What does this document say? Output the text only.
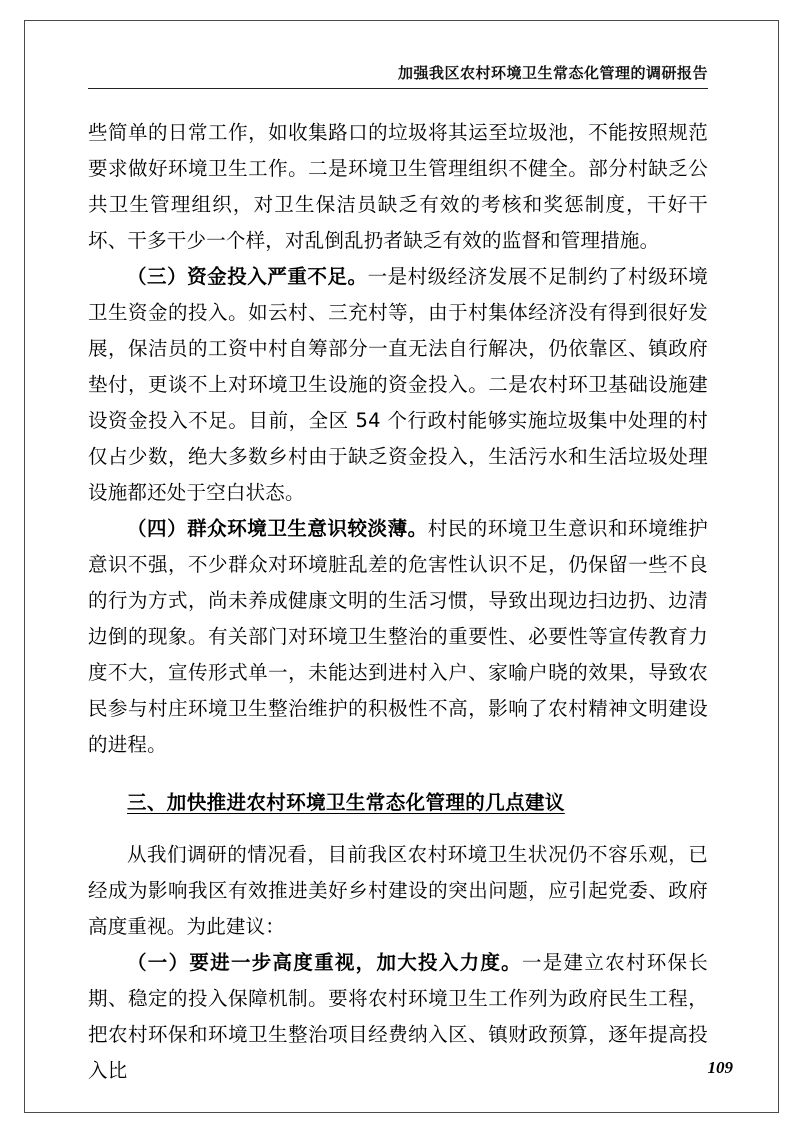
加强我区农村环境卫生常态化管理的调研报告

些简单的日常工作，如收集路口的垃圾将其运至垃圾池，不能按照规范要求做好环境卫生工作。二是环境卫生管理组织不健全。部分村缺乏公共卫生管理组织，对卫生保洁员缺乏有效的考核和奖惩制度，干好干坏、干多干少一个样，对乱倒乱扔者缺乏有效的监督和管理措施。

（三）资金投入严重不足。一是村级经济发展不足制约了村级环境卫生资金的投入。如云村、三充村等，由于村集体经济没有得到很好发展，保洁员的工资中村自筹部分一直无法自行解决，仍依靠区、镇政府垫付，更谈不上对环境卫生设施的资金投入。二是农村环卫基础设施建设资金投入不足。目前，全区 54 个行政村能够实施垃圾集中处理的村仅占少数，绝大多数乡村由于缺乏资金投入，生活污水和生活垃圾处理设施都还处于空白状态。

（四）群众环境卫生意识较淡薄。村民的环境卫生意识和环境维护意识不强，不少群众对环境脏乱差的危害性认识不足，仍保留一些不良的行为方式，尚未养成健康文明的生活习惯，导致出现边扫边扔、边清边倒的现象。有关部门对环境卫生整治的重要性、必要性等宣传教育力度不大，宣传形式单一，未能达到进村入户、家喻户晓的效果，导致农民参与村庄环境卫生整治维护的积极性不高，影响了农村精神文明建设的进程。

三、加快推进农村环境卫生常态化管理的几点建议

从我们调研的情况看，目前我区农村环境卫生状况仍不容乐观，已经成为影响我区有效推进美好乡村建设的突出问题，应引起党委、政府高度重视。为此建议：

（一）要进一步高度重视，加大投入力度。一是建立农村环保长期、稳定的投入保障机制。要将农村环境卫生工作列为政府民生工程，把农村环保和环境卫生整治项目经费纳入区、镇财政预算，逐年提高投入比	109
